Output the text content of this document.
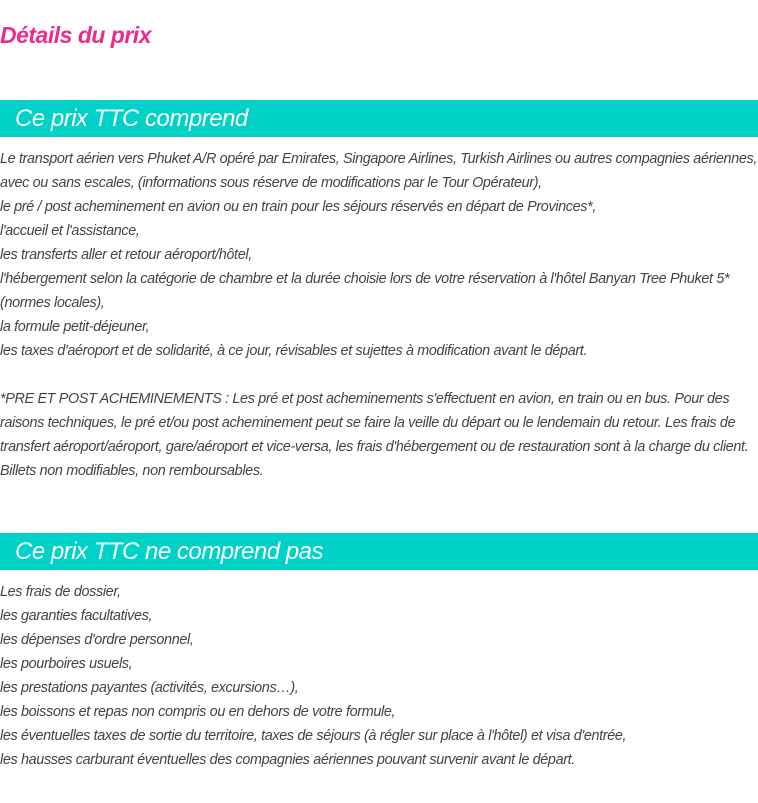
Détails du prix
Ce prix TTC comprend

Le transport aérien vers Phuket A/R opéré par Emirates, Singapore Airlines, Turkish Airlines ou autres compagnies aériennes, avec ou sans escales, (informations sous réserve de modifications par le Tour Opérateur),

le pré / post acheminement en avion ou en train pour les séjours réservés en départ de Provinces*,

l'accueil et l'assistance,

les transferts aller et retour aéroport/hôtel,

l'hébergement selon la catégorie de chambre et la durée choisie lors de votre réservation à l'hôtel Banyan Tree Phuket 5* (normes locales),

la formule petit-déjeuner,

les taxes d'aéroport et de solidarité, à ce jour, révisables et sujettes à modification avant le départ.

*PRE ET POST ACHEMINEMENTS : Les pré et post acheminements s'effectuent en avion, en train ou en bus. Pour des raisons techniques, le pré et/ou post acheminement peut se faire la veille du départ ou le lendemain du retour. Les frais de transfert aéroport/aéroport, gare/aéroport et vice-versa, les frais d'hébergement ou de restauration sont à la charge du client. Billets non modifiables, non remboursables.

Ce prix TTC ne comprend pas

Les frais de dossier,

les garanties facultatives,

les dépenses d'ordre personnel,

les pourboires usuels,

les prestations payantes (activités, excursions…),

les boissons et repas non compris ou en dehors de votre formule,

les éventuelles taxes de sortie du territoire, taxes de séjours (à régler sur place à l'hôtel) et visa d'entrée,

les hausses carburant éventuelles des compagnies aériennes pouvant survenir avant le départ.
